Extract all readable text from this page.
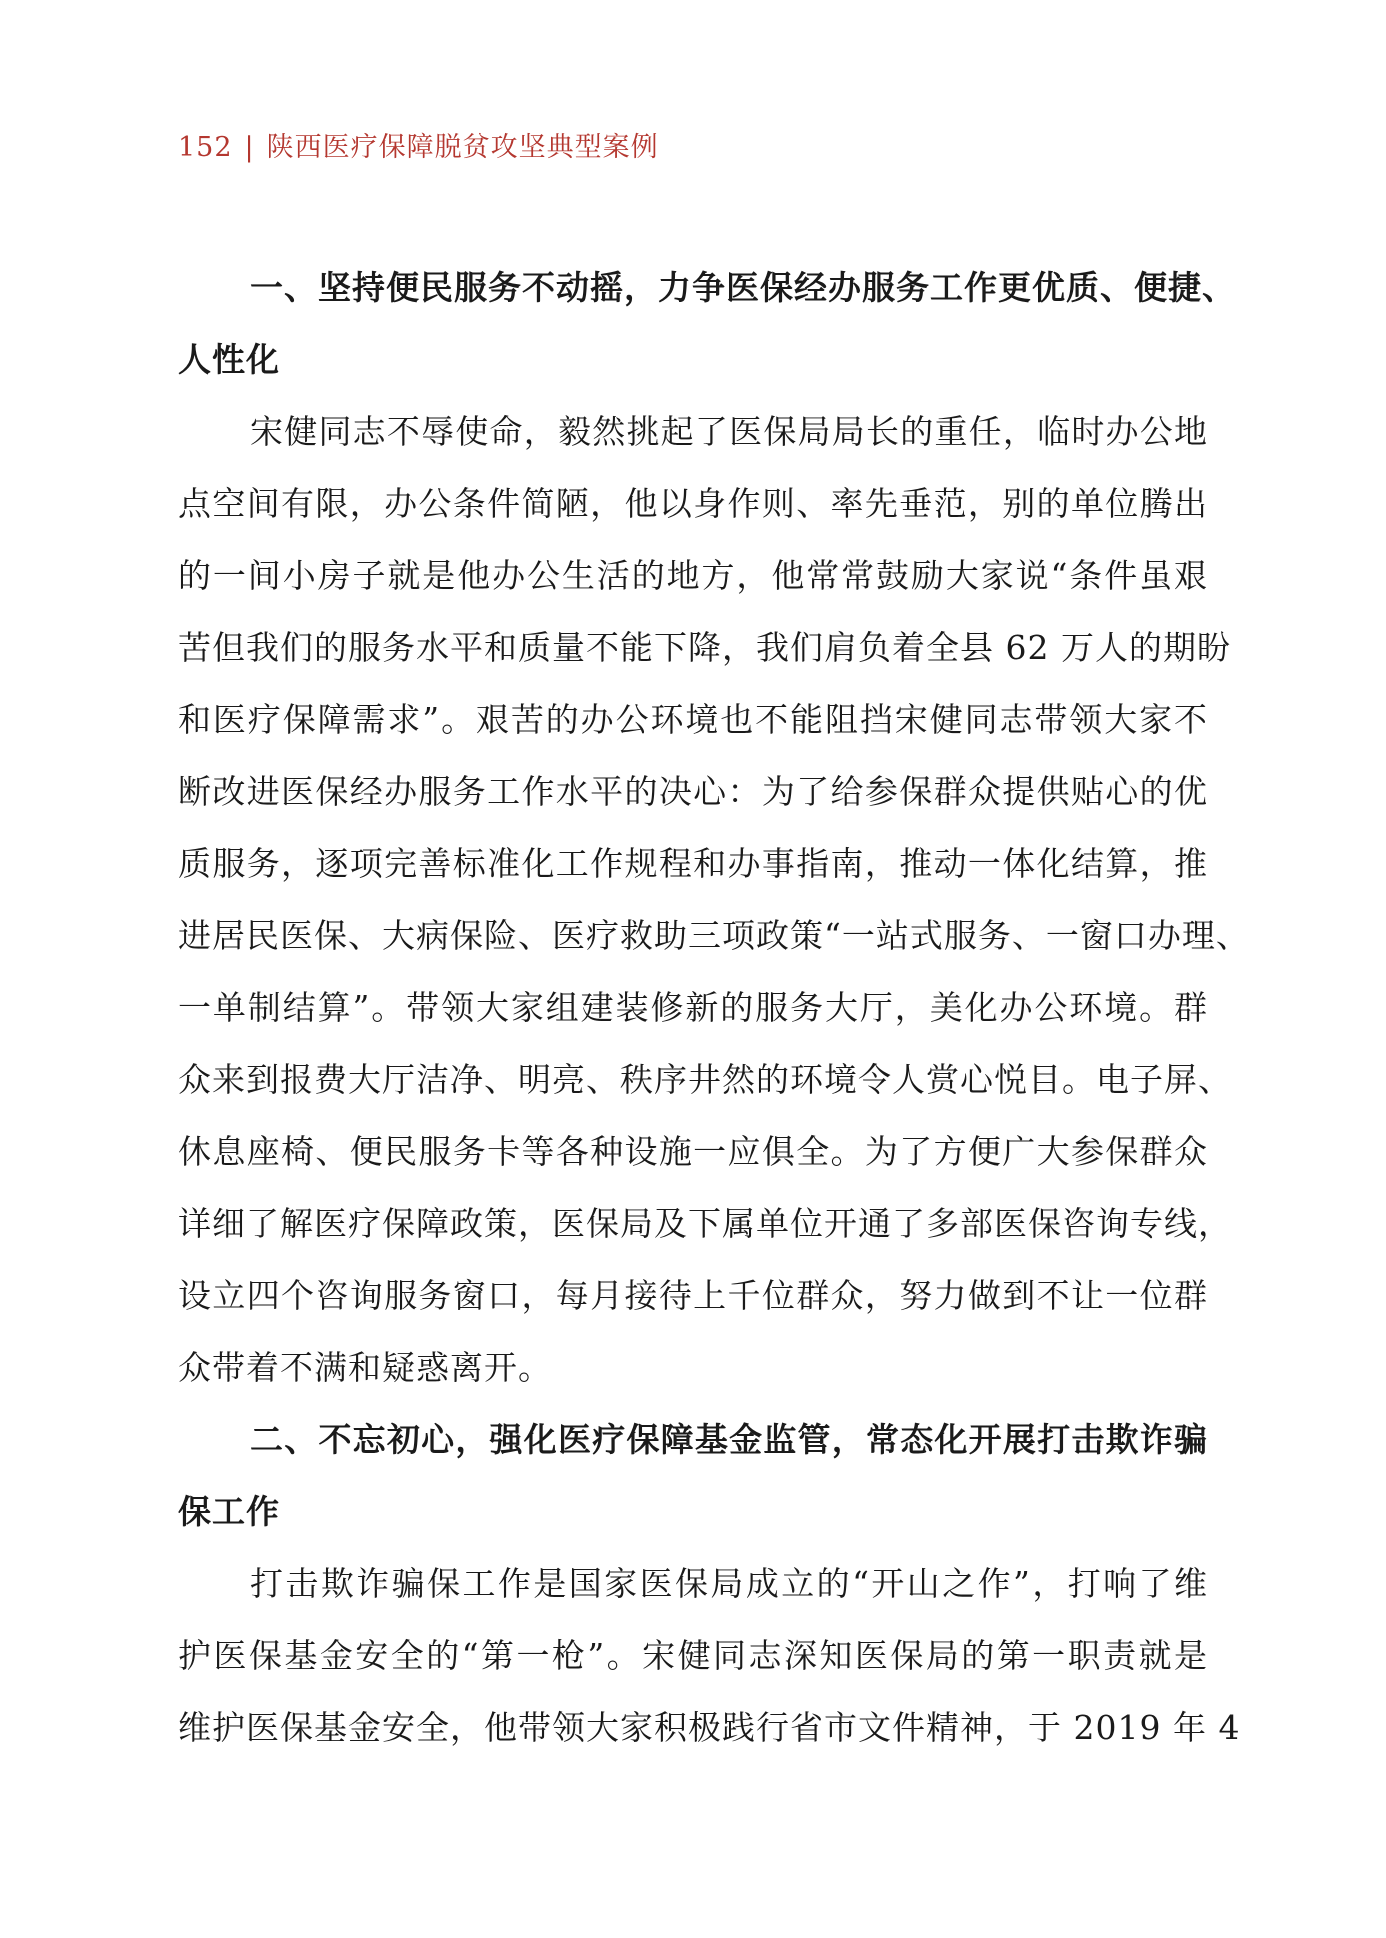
152 | 陕西医疗保障脱贫攻坚典型案例
一、坚持便民服务不动摇，力争医保经办服务工作更优质、便捷、
人性化
宋健同志不辱使命，毅然挑起了医保局局长的重任，临时办公地
点空间有限，办公条件简陋，他以身作则、率先垂范，别的单位腾出
的一间小房子就是他办公生活的地方，他常常鼓励大家说“条件虽艰
苦但我们的服务水平和质量不能下降，我们肩负着全县 62 万人的期盼
和医疗保障需求”。艰苦的办公环境也不能阻挡宋健同志带领大家不
断改进医保经办服务工作水平的决心：为了给参保群众提供贴心的优
质服务，逐项完善标准化工作规程和办事指南，推动一体化结算，推
进居民医保、大病保险、医疗救助三项政策“一站式服务、一窗口办理、
一单制结算”。带领大家组建装修新的服务大厅，美化办公环境。群
众来到报费大厅洁净、明亮、秩序井然的环境令人赏心悦目。电子屏、
休息座椅、便民服务卡等各种设施一应俱全。为了方便广大参保群众
详细了解医疗保障政策，医保局及下属单位开通了多部医保咨询专线，
设立四个咨询服务窗口，每月接待上千位群众，努力做到不让一位群
众带着不满和疑惑离开。
二、不忘初心，强化医疗保障基金监管，常态化开展打击欺诈骗
保工作
打击欺诈骗保工作是国家医保局成立的“开山之作”，打响了维
护医保基金安全的“第一枪”。宋健同志深知医保局的第一职责就是
维护医保基金安全，他带领大家积极践行省市文件精神，于 2019 年 4
